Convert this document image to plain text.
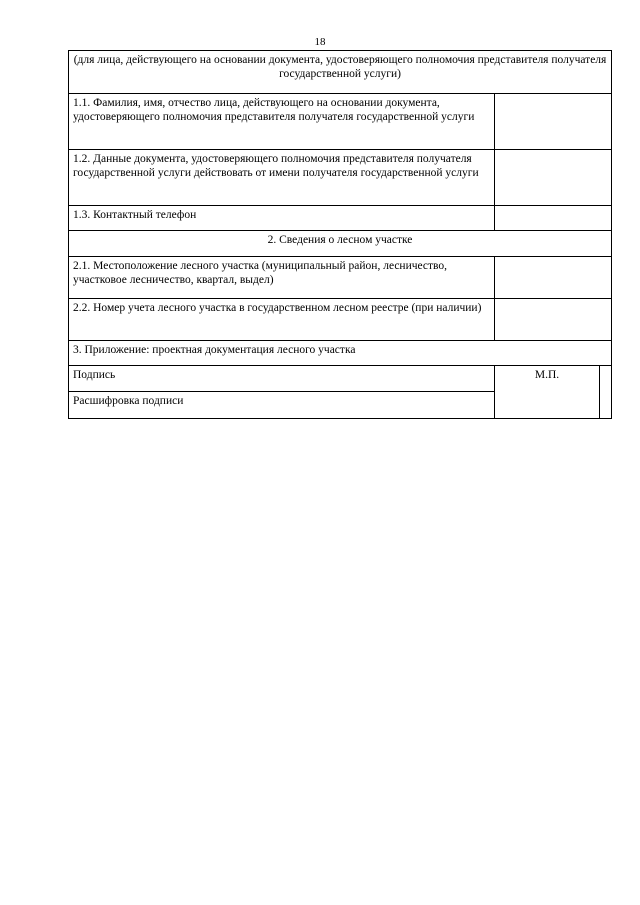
18
(для лица, действующего на основании документа, удостоверяющего полномочия представителя получателя государственной услуги)		
1.1. Фамилия, имя, отчество лица, действующего на основании документа, удостоверяющего полномочия представителя получателя государственной услуги		
1.2. Данные документа, удостоверяющего полномочия представителя получателя государственной услуги действовать от имени получателя государственной услуги		
1.3. Контактный телефон		
2. Сведения о лесном участке		
2.1. Местоположение лесного участка (муниципальный район, лесничество, участковое лесничество, квартал, выдел)		
2.2. Номер учета лесного участка в государственном лесном реестре (при наличии)		
3. Приложение: проектная документация лесного участка		
Подпись	М.П.	
Расшифровка подписи		
